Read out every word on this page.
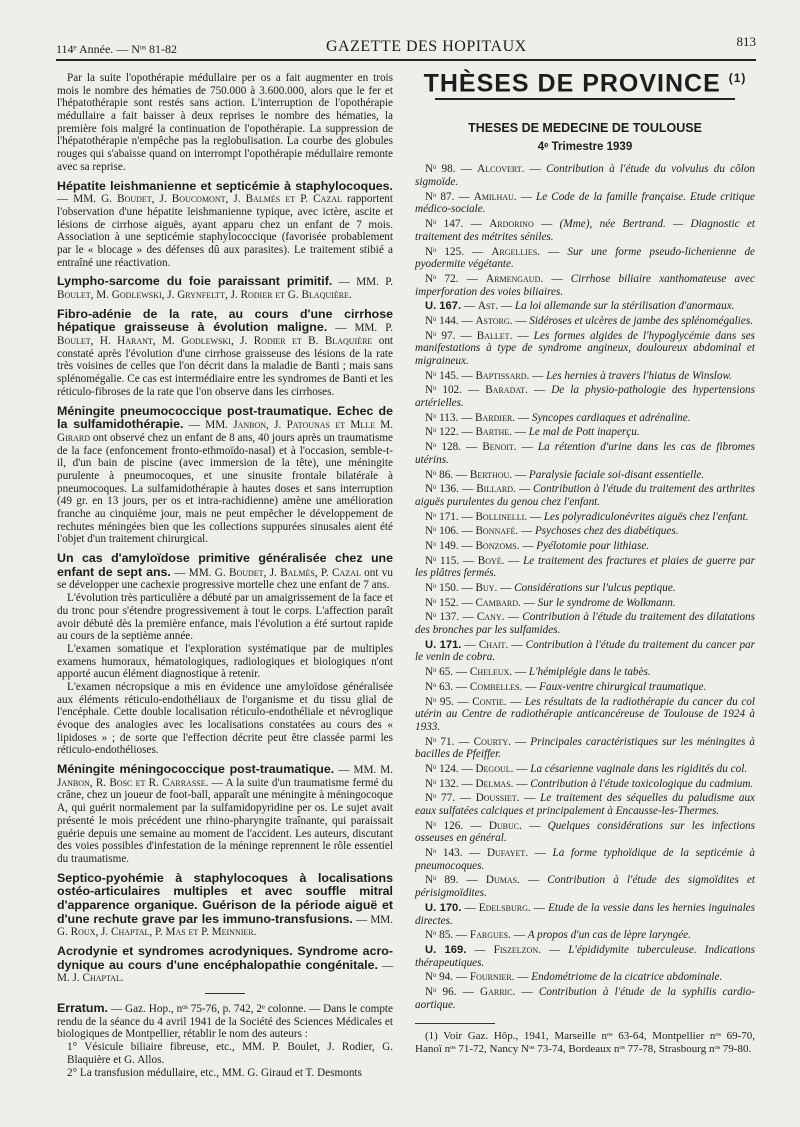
114ᵉ Année. — Nᵒˢ 81-82	GAZETTE DES HOPITAUX	813

Par la suite l'opothérapie médullaire per os a fait augmenter en trois mois le nombre des hématies de 750.000 à 3.600.000, alors que le fer et l'hépatothérapie sont restés sans action. L'interruption de l'opothérapie médullaire a fait baisser à deux reprises le nombre des hématies, la première fois malgré la continuation de l'opothérapie. La suppression de l'hépatothérapie n'empêche pas la reglobulisation. La courbe des globules rouges qui s'abaisse quand on interrompt l'opothérapie médullaire remonte avec sa reprise.

Hépatite leishmanienne et septicémie à staphylocoques. — MM. G. Boudet, J. Boucomont, J. Balmès et P. Cazal rapportent l'observation d'une hépatite leishmanienne typique, avec ictère, ascite et lésions de cirrhose aiguës, ayant apparu chez un enfant de 7 mois. Association à une septicémie staphylococcique (favorisée probablement par le « blocage » des défenses dû aux parasites). Le traitement stibié a entraîné une réactivation.

Lympho-sarcome du foie paraissant primitif. — MM. P. Boulet, M. Godlewski, J. Grynfeltt, J. Rodier et G. Blaquière.

Fibro-adénie de la rate, au cours d'une cirrhose hépatique graisseuse à évolution maligne. — MM. P. Boulet, H. Harant, M. Godlewski, J. Rodier et B. Blaquière ont constaté après l'évolution d'une cirrhose graisseuse des lésions de la rate très voisines de celles que l'on décrit dans la maladie de Banti ; mais sans splénomégalie. Ce cas est intermédiaire entre les syndromes de Banti et les réticulo-fibroses de la rate que l'on observe dans les cirrhoses.

Méningite pneumococcique post-traumatique. Echec de la sulfamidothérapie. — MM. Janbon, J. Patounas et Mlle M. Girard ont observé chez un enfant de 8 ans, 40 jours après un traumatisme de la face (enfoncement fronto-ethmoïdo-nasal) et à l'occasion, semble-t-il, d'un bain de piscine (avec immersion de la tête), une méningite purulente à pneumocoques, et une sinusite frontale bilatérale à pneumocoques. La sulfamidothérapie à hautes doses et sans interruption (49 gr. en 13 jours, per os et intra-rachidienne) amène une amélioration franche au cinquième jour, mais ne peut empêcher le développement de rechutes méningées bien que les collections suppurées sinusales aient été l'objet d'un traitement chirurgical.

Un cas d'amyloïdose primitive généralisée chez une enfant de sept ans. — MM. G. Boudet, J. Balmès, P. Cazal ont vu se développer une cachexie progressive mortelle chez une enfant de 7 ans.

L'évolution très particulière a débuté par un amaigrissement de la face et du tronc pour s'étendre progressivement à tout le corps. L'affection paraît avoir débuté dès la première enfance, mais l'évolution a été surtout rapide au cours de la septième année.

L'examen somatique et l'exploration systématique par de multiples examens humoraux, hématologiques, radiologiques et biologiques n'ont apporté aucun élément diagnostique à retenir.

L'examen nécropsique a mis en évidence une amyloïdose généralisée aux éléments réticulo-endothéliaux de l'organisme et du tissu glial de l'encéphale. Cette double localisation réticulo-endothéliale et névroglique évoque des analogies avec les localisations constatées au cours des « lipidoses » ; de sorte que l'effection décrite peut être classée parmi les réticulo-endothélioses.

Méningite méningococcique post-traumatique. — MM. M. Janbon, R. Bosc et R. Carrasse. — A la suite d'un traumatisme fermé du crâne, chez un joueur de foot-ball, apparaît une méningite à méningocoque A, qui guérit normalement par la sulfamidopyridine per os. Le sujet avait présenté le mois précédent une rhino-pharyngite traînante, qui paraissait guérie depuis une semaine au moment de l'accident. Les auteurs, discutant des voies possibles d'infestation de la méninge reprennent le rôle essentiel du traumatisme.

Septico-pyohémie à staphylocoques à localisations ostéo-articulaires multiples et avec souffle mitral d'apparence organique. Guérison de la période aiguë et d'une rechute grave par les immuno-transfusions. — MM. G. Roux, J. Chaptal, P. Mas et P. Meinnier.

Acrodynie et syndromes acrodyniques. Syndrome acro-dynique au cours d'une encéphalopathie congénitale. — M. J. Chaptal.

Erratum. — Gaz. Hop., nᵒˢ 75-76, p. 742, 2ᵉ colonne. — Dans le compte rendu de la séance du 4 avril 1941 de la Société des Sciences Médicales et biologiques de Montpellier, rétablir le nom des auteurs :
1° Vésicule biliaire fibreuse, etc., MM. P. Boulet, J. Rodier, G. Blaquière et G. Allos.
2° La transfusion médullaire, etc., MM. G. Giraud et T. Desmonts
THÈSES DE PROVINCE $^{(1)}$

THESES DE MEDECINE DE TOULOUSE

4ᵉ Trimestre 1939

Nᵒ 98. — Alcovert. — Contribution à l'étude du volvulus du côlon sigmoïde.

Nᵒ 87. — Amilhau. — Le Code de la famille française. Etude critique médico-sociale.

Nᵒ 147. — Ardorino — (Mme), née Bertrand. — Diagnostic et traitement des métrites séniles.

Nᵒ 125. — Argellies. — Sur une forme pseudo-lichenienne de pyodermite végétante.

Nᵒ 72. — Armengaud. — Cirrhose biliaire xanthomateuse avec imperforation des voies biliaires.

U. 167. — Ast. — La loi allemande sur la stérilisation d'anormaux.

Nᵒ 144. — Astorg. — Sidéroses et ulcères de jambe des splénomégalies.

Nᵒ 97. — Ballet. — Les formes algides de l'hypoglycémie dans ses manifestations à type de syndrome angineux, douloureux abdominal et migraineux.

Nᵒ 145. — Baptissard. — Les hernies à travers l'hiatus de Winslow.

Nᵒ 102. — Baradat. — De la physio-pathologie des hypertensions artérielles.

Nᵒ 113. — Bardier. — Syncopes cardiaques et adrénaline.

Nᵒ 122. — Barthe. — Le mal de Pott inaperçu.

Nᵒ 128. — Benoit. — La rétention d'urine dans les cas de fibromes utérins.

Nᵒ 86. — Berthou. — Paralysie faciale soi-disant essentielle.

Nᵒ 136. — Billard. — Contribution à l'étude du traitement des arthrites aiguës purulentes du genou chez l'enfant.

Nᵒ 171. — Bollinelli. — Les polyradiculonévrites aiguës chez l'enfant.

Nᵒ 106. — Bonnafé. — Psychoses chez des diabétiques.

Nᵒ 149. — Bonzoms. — Pyélotomie pour lithiase.

Nᵒ 115. — Boyé. — Le traitement des fractures et plaies de guerre par les plâtres fermés.

Nᵒ 150. — Buy. — Considérations sur l'ulcus peptique.

Nᵒ 152. — Cambard. — Sur le syndrome de Wolkmann.

Nᵒ 137. — Cany. — Contribution à l'étude du traitement des dilatations des bronches par les sulfamides.

U. 171. — Chait. — Contribution à l'étude du traitement du cancer par le venin de cobra.

Nᵒ 65. — Cheleux. — L'hémiplégie dans le tabès.

Nᵒ 63. — Combelles. — Faux-ventre chirurgical traumatique.

Nᵒ 95. — Contie. — Les résultats de la radiothérapie du cancer du col utérin au Centre de radiothérapie anticancéreuse de Toulouse de 1924 à 1933.

Nᵒ 71. — Courty. — Principales caractéristiques sur les méningites à bacilles de Pfeiffer.

Nᵒ 124. — Degoul. — La césarienne vaginale dans les rigidités du col.

Nᵒ 132. — Delmas. — Contribution à l'étude toxicologique du cadmium.

Nᵒ 77. — Doussiet. — Le traitement des séquelles du paludisme aux eaux sulfatées calciques et principalement à Encausse-les-Thermes.

Nᵒ 126. — Dubuc. — Quelques considérations sur les infections osseuses en général.

Nᵒ 143. — Dufayet. — La forme typhoïdique de la septicémie à pneumocoques.

Nᵒ 89. — Dumas. — Contribution à l'étude des sigmoïdites et périsigmoïdites.

U. 170. — Edelsburg. — Etude de la vessie dans les hernies inguinales directes.

Nᵒ 85. — Fargues. — A propos d'un cas de lèpre laryngée.

U. 169. — Fiszelzon. — L'épididymite tuberculeuse. Indications thérapeutiques.

Nᵒ 94. — Fournier. — Endométriome de la cicatrice abdominale.

Nᵒ 96. — Garric. — Contribution à l'étude de la syphilis cardio-aortique.

(1) Voir Gaz. Hôp., 1941, Marseille nᵒˢ 63-64, Montpellier nᵒˢ 69-70, Hanoï nᵒˢ 71-72, Nancy Nᵒˢ 73-74, Bordeaux nᵒˢ 77-78, Strasbourg nᵒˢ 79-80.
